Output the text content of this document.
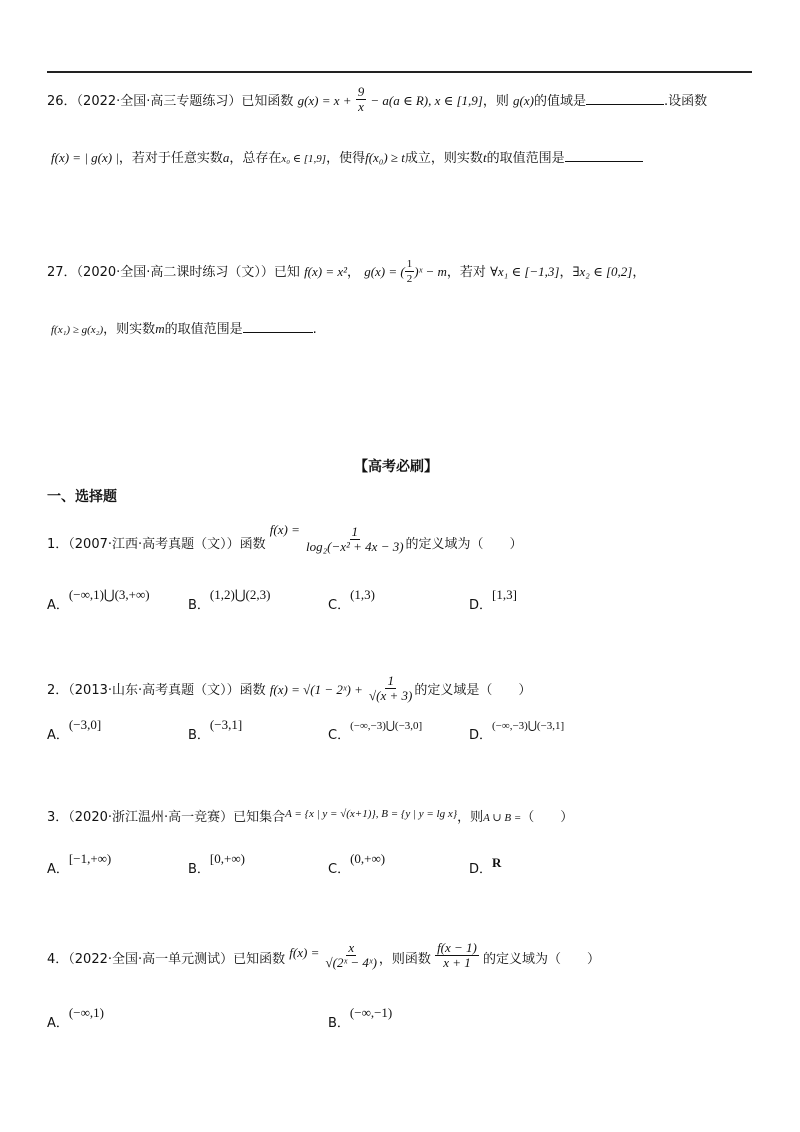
26．（2022·全国·高三专题练习）已知函数 $g(x) = x + \frac{9}{x} - a(a$ ∈ R), x ∈ [1,9]，则 g(x)的值域是	.设函数
f(x) = | g(x) |，若对于任意实数a，总存在x₀ ∈ [1,9]，使得f(x₀) ≥ t成立，则实数t的取值范围是
27．（2020·全国·高二课时练习（文））已知 f(x) = x²， g(x) = ( $\frac{1}{2}$ )ˣ − m，若对 ∀x₁ ∈ [−1,3]，∃x₂ ∈ [0,2]，
f(x₁) ≥ g(x₂)，则实数m的取值范围是	.
【高考必刷】
一、选择题
1．（2007·江西·高考真题（文））函数 $f(x) = \frac{1}{\text{log₂(−x² + 4x − 3)}}$ 的定义域为（　　）
A．(−∞,1)⋃(3,+∞)
B．(1,2)⋃(2,3)
C．(1,3)
D．[1,3]
2．（2013·山东·高考真题（文））函数 f(x) = √(1 − 2ˣ) + $\frac{1}{√(x + 3)}$ 的定义域是（　　）
A．(−3,0]
B．(−3,1]
C．$^{(-\infty,-3)⋃(-3,0]}$
D．$^{(-\infty,-3)⋃(-3,1]}$
3．（2020·浙江温州·高一竞赛）已知集合$^{A = \{x | y = √(x+1)\}, B = \{y | y = lg x\}}$，则A ∪ B =（　　）
A．[−1,+∞)
B．[0,+∞)
C．(0,+∞)
D．R
4．（2022·全国·高一单元测试）已知函数 $f(x) = \frac{x}{\text{√(2ˣ − 4ˣ)}}$ ，则函数 $\frac{f(x - 1)}{x + 1}$ 的定义域为（　　）
A．(−∞,1)
B．(−∞,−1)
